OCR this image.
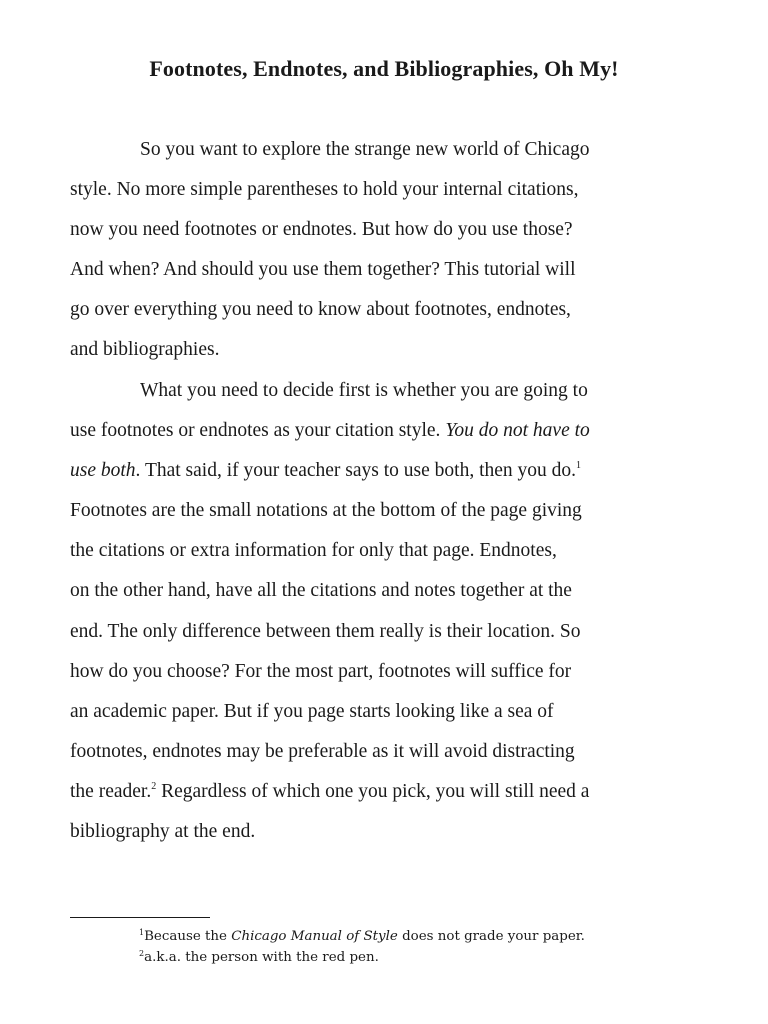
Footnotes, Endnotes, and Bibliographies, Oh My!

So you want to explore the strange new world of Chicago
style. No more simple parentheses to hold your internal citations,
now you need footnotes or endnotes. But how do you use those?
And when? And should you use them together? This tutorial will
go over everything you need to know about footnotes, endnotes,
and bibliographies.

What you need to decide first is whether you are going to
use footnotes or endnotes as your citation style. You do not have to
use both. That said, if your teacher says to use both, then you do.$^1$
Footnotes are the small notations at the bottom of the page giving
the citations or extra information for only that page. Endnotes,
on the other hand, have all the citations and notes together at the
end. The only difference between them really is their location. So
how do you choose? For the most part, footnotes will suffice for
an academic paper. But if you page starts looking like a sea of
footnotes, endnotes may be preferable as it will avoid distracting
the reader.$^2$ Regardless of which one you pick, you will still need a
bibliography at the end.

$^1$Because the Chicago Manual of Style does not grade your paper.
$^2$a.k.a. the person with the red pen.
